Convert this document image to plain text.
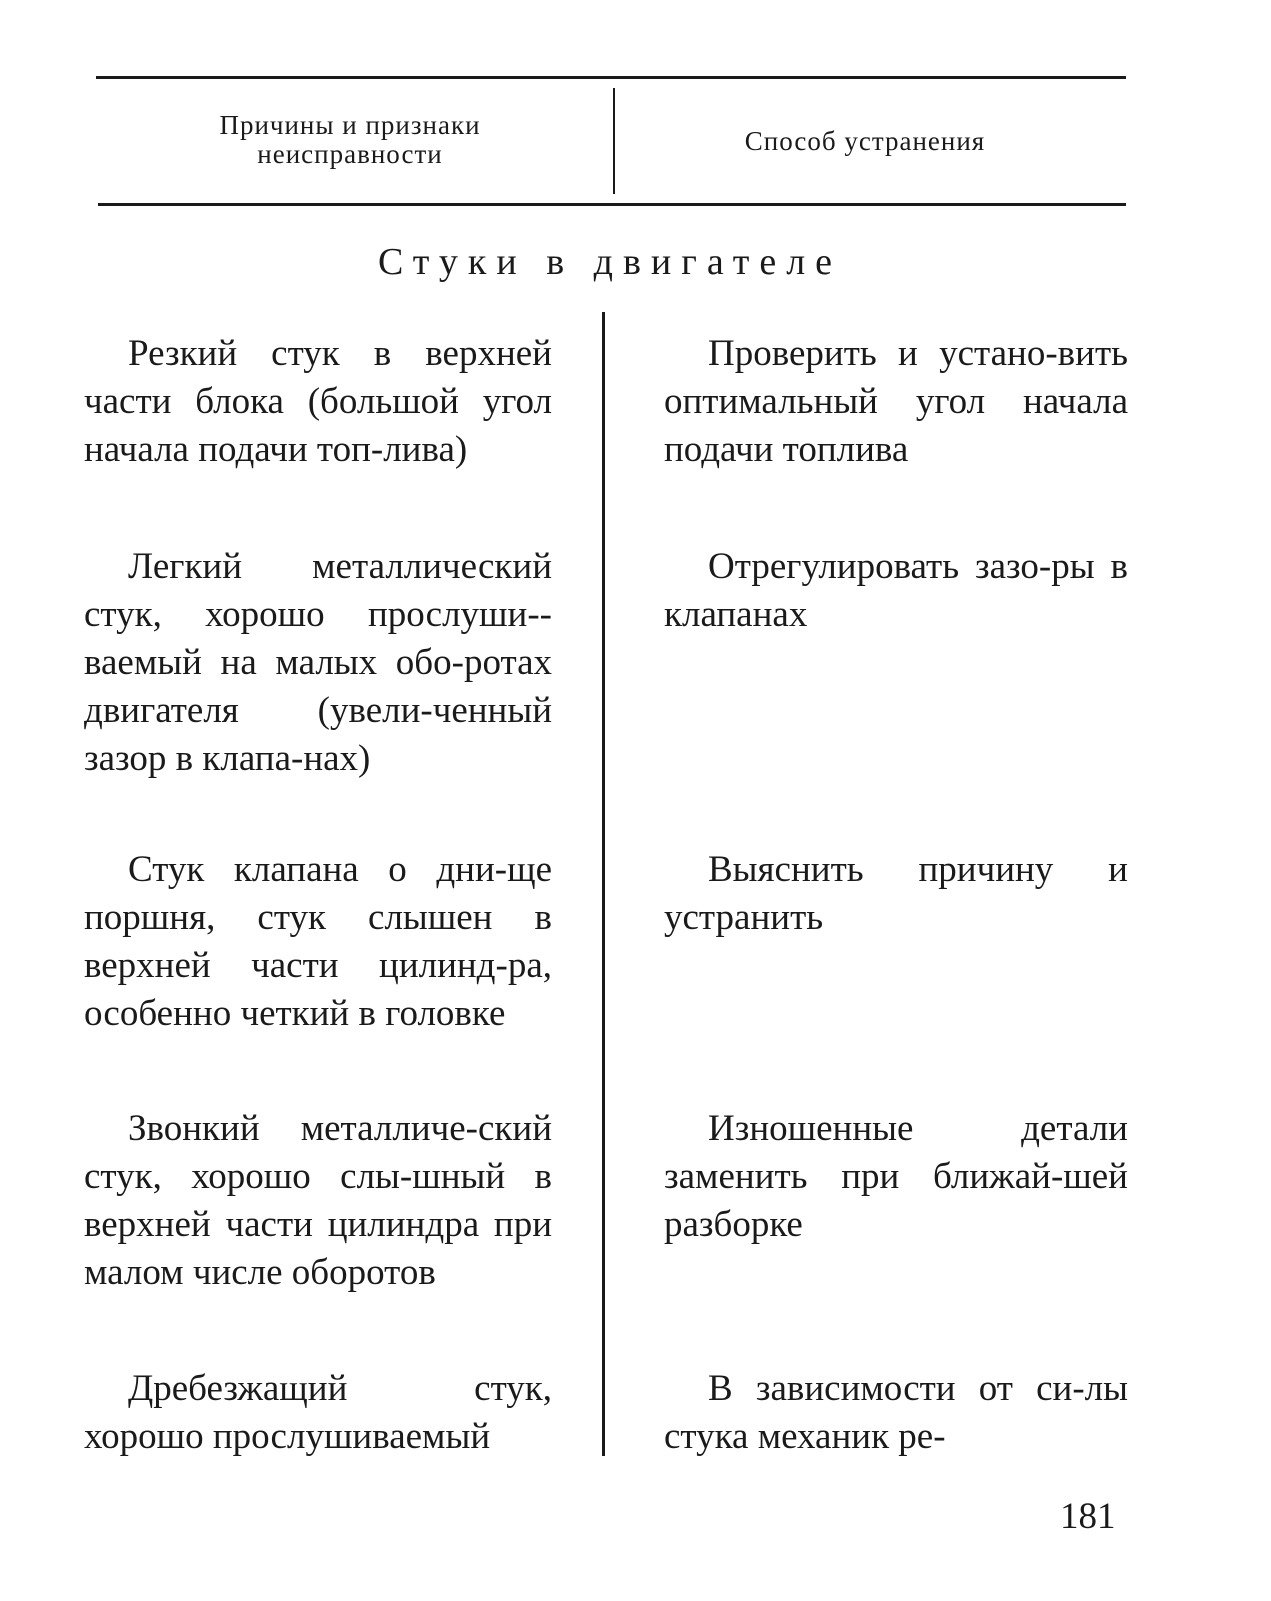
Причины и признаки
неисправности	Способ устранения
Стуки в двигателе
Резкий стук в верхней части блока (большой угол начала подачи топ-лива)
Проверить и устано-вить оптимальный угол начала подачи топлива
Легкий металлический стук, хорошо прослуши-ваемый на малых обо-ротах двигателя (увели-ченный зазор в клапа-нах)
Отрегулировать зазо-ры в клапанах
Стук клапана о дни-ще поршня, стук слышен в верхней части цилинд-ра, особенно четкий в головке
Выяснить причину и устранить
Звонкий металличе-ский стук, хорошо слы-шный в верхней части цилиндра при малом числе оборотов
Изношенные детали заменить при ближай-шей разборке
Дребезжащий стук, хорошо прослушиваемый
В зависимости от си-лы стука механик ре-
181
